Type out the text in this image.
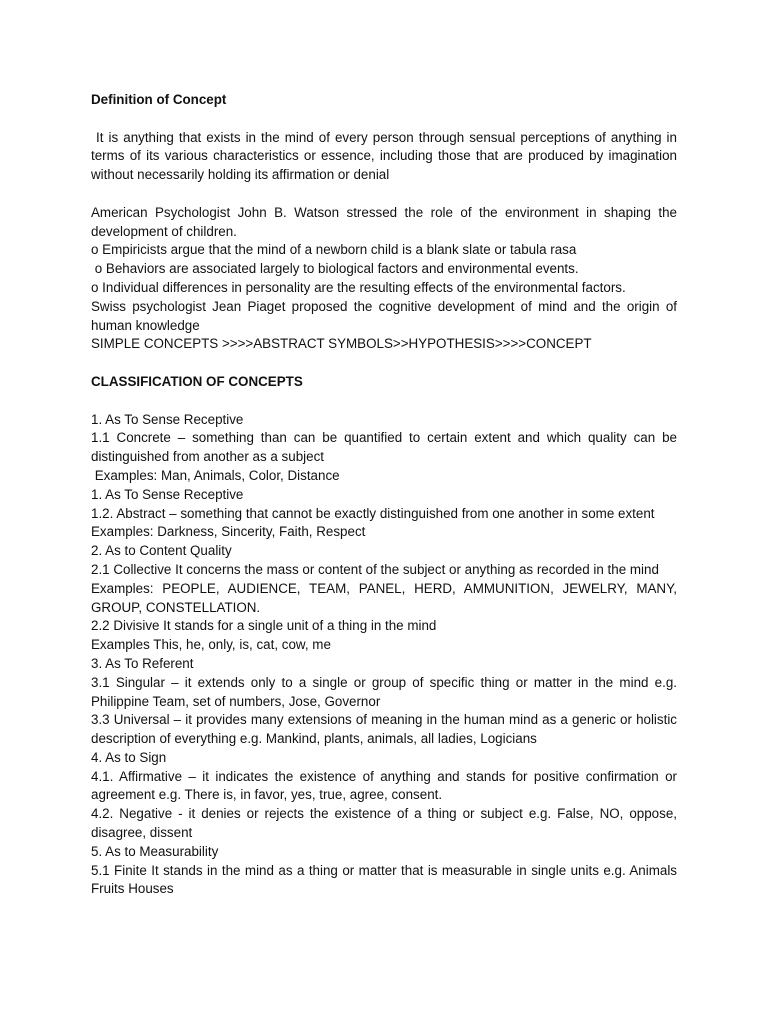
Definition of Concept

It is anything that exists in the mind of every person through sensual perceptions of anything in terms of its various characteristics or essence, including those that are produced by imagination without necessarily holding its affirmation or denial

American Psychologist John B. Watson stressed the role of the environment in shaping the development of children.

o Empiricists argue that the mind of a newborn child is a blank slate or tabula rasa

o Behaviors are associated largely to biological factors and environmental events.

o Individual differences in personality are the resulting effects of the environmental factors.

Swiss psychologist Jean Piaget proposed the cognitive development of mind and the origin of human knowledge

SIMPLE CONCEPTS >>>>ABSTRACT SYMBOLS>>HYPOTHESIS>>>>CONCEPT

CLASSIFICATION OF CONCEPTS

1. As To Sense Receptive

1.1 Concrete – something than can be quantified to certain extent and which quality can be distinguished from another as a subject

Examples: Man, Animals, Color, Distance

1. As To Sense Receptive

1.2. Abstract – something that cannot be exactly distinguished from one another in some extent

Examples: Darkness, Sincerity, Faith, Respect

2. As to Content Quality

2.1 Collective It concerns the mass or content of the subject or anything as recorded in the mind

Examples: PEOPLE, AUDIENCE, TEAM, PANEL, HERD, AMMUNITION, JEWELRY, MANY, GROUP, CONSTELLATION.

2.2 Divisive It stands for a single unit of a thing in the mind

Examples This, he, only, is, cat, cow, me

3. As To Referent

3.1 Singular – it extends only to a single or group of specific thing or matter in the mind e.g. Philippine Team, set of numbers, Jose, Governor

3.3 Universal – it provides many extensions of meaning in the human mind as a generic or holistic description of everything e.g. Mankind, plants, animals, all ladies, Logicians

4. As to Sign

4.1. Affirmative – it indicates the existence of anything and stands for positive confirmation or agreement e.g. There is, in favor, yes, true, agree, consent.

4.2. Negative - it denies or rejects the existence of a thing or subject e.g. False, NO, oppose, disagree, dissent

5. As to Measurability

5.1 Finite It stands in the mind as a thing or matter that is measurable in single units e.g. Animals Fruits Houses
